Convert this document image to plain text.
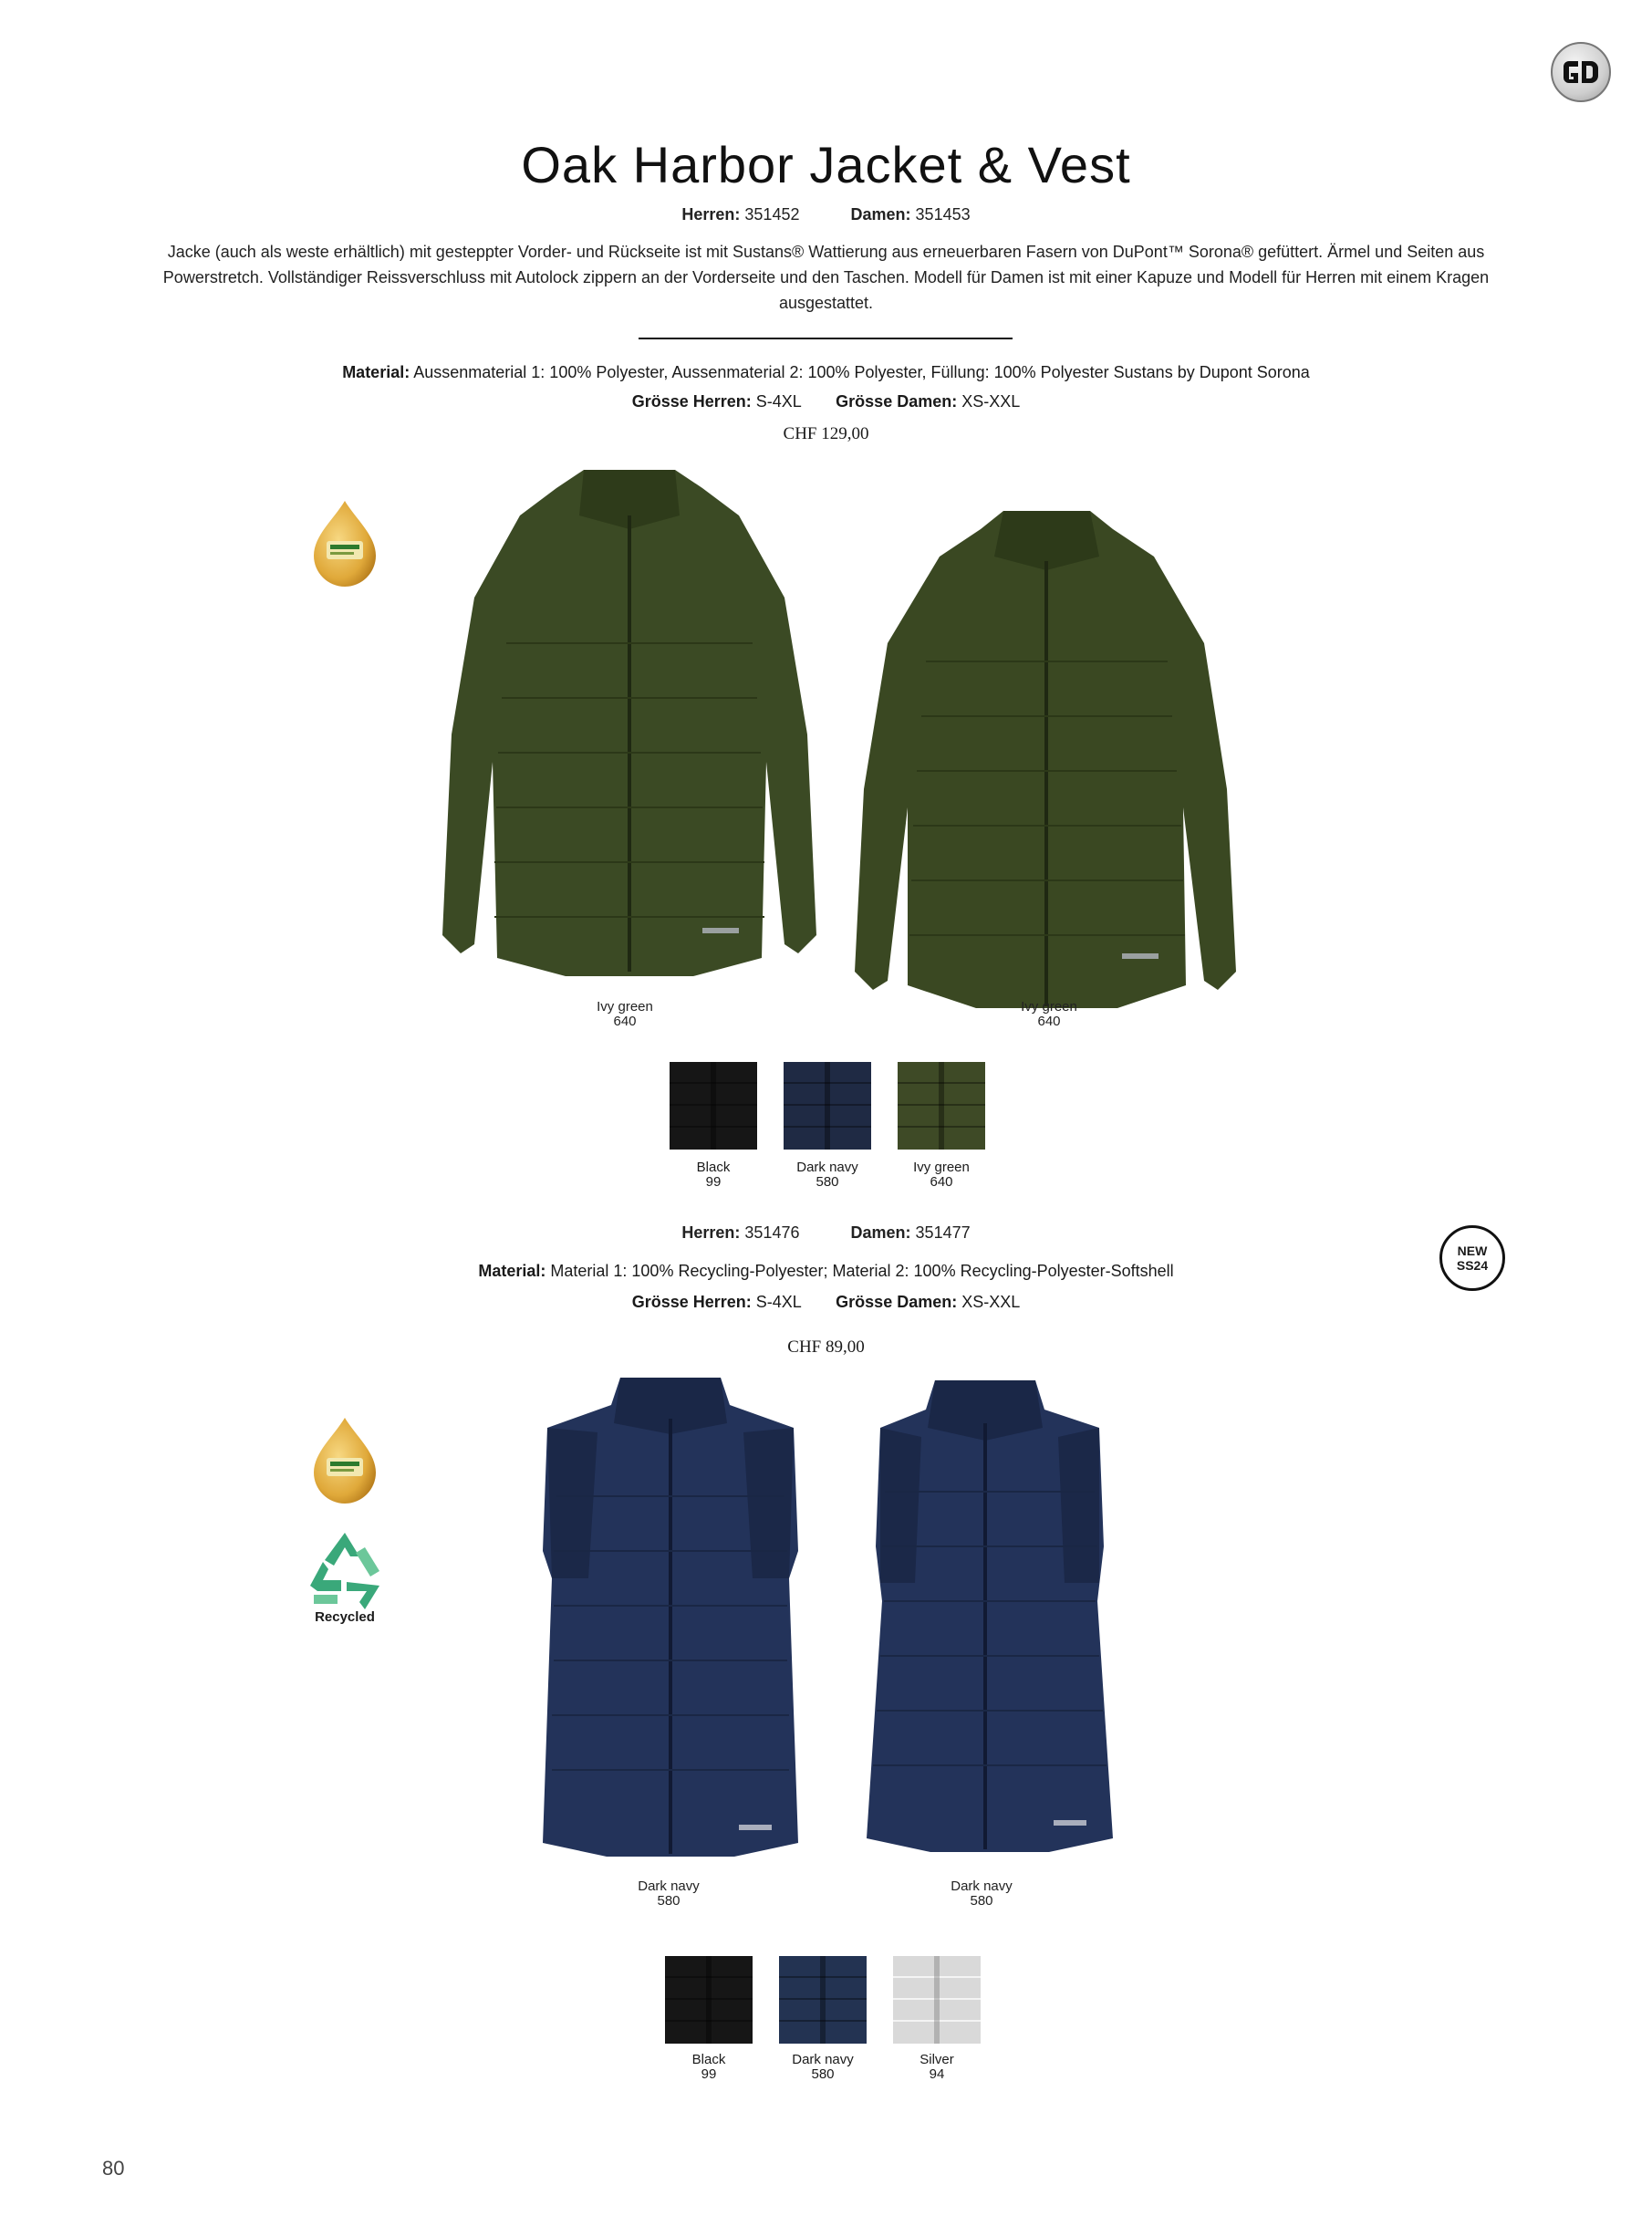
Oak Harbor Jacket & Vest
Herren: 351452	Damen: 351453
Jacke (auch als weste erhältlich) mit gesteppter Vorder- und Rückseite ist mit Sustans® Wattierung aus erneuerbaren Fasern von DuPont™ Sorona® gefüttert. Ärmel und Seiten aus Powerstretch. Vollständiger Reissverschluss mit Autolock zippern an der Vorderseite und den Taschen. Modell für Damen ist mit einer Kapuze und Modell für Herren mit einem Kragen ausgestattet.
Material: Aussenmaterial 1: 100% Polyester, Aussenmaterial 2: 100% Polyester, Füllung: 100% Polyester Sustans by Dupont Sorona
Grösse Herren: S-4XL Grösse Damen: XS-XXL
CHF 129,00
Ivy green
640
Ivy green
640
Black
99
Dark navy
580
Ivy green
640
Herren: 351476	Damen: 351477
NEW
SS24
Material: Material 1: 100% Recycling-Polyester; Material 2: 100% Recycling-Polyester-Softshell
Grösse Herren: S-4XL Grösse Damen: XS-XXL
CHF 89,00
Recycled
Dark navy
580
Dark navy
580
Black
99
Dark navy
580
Silver
94
80
